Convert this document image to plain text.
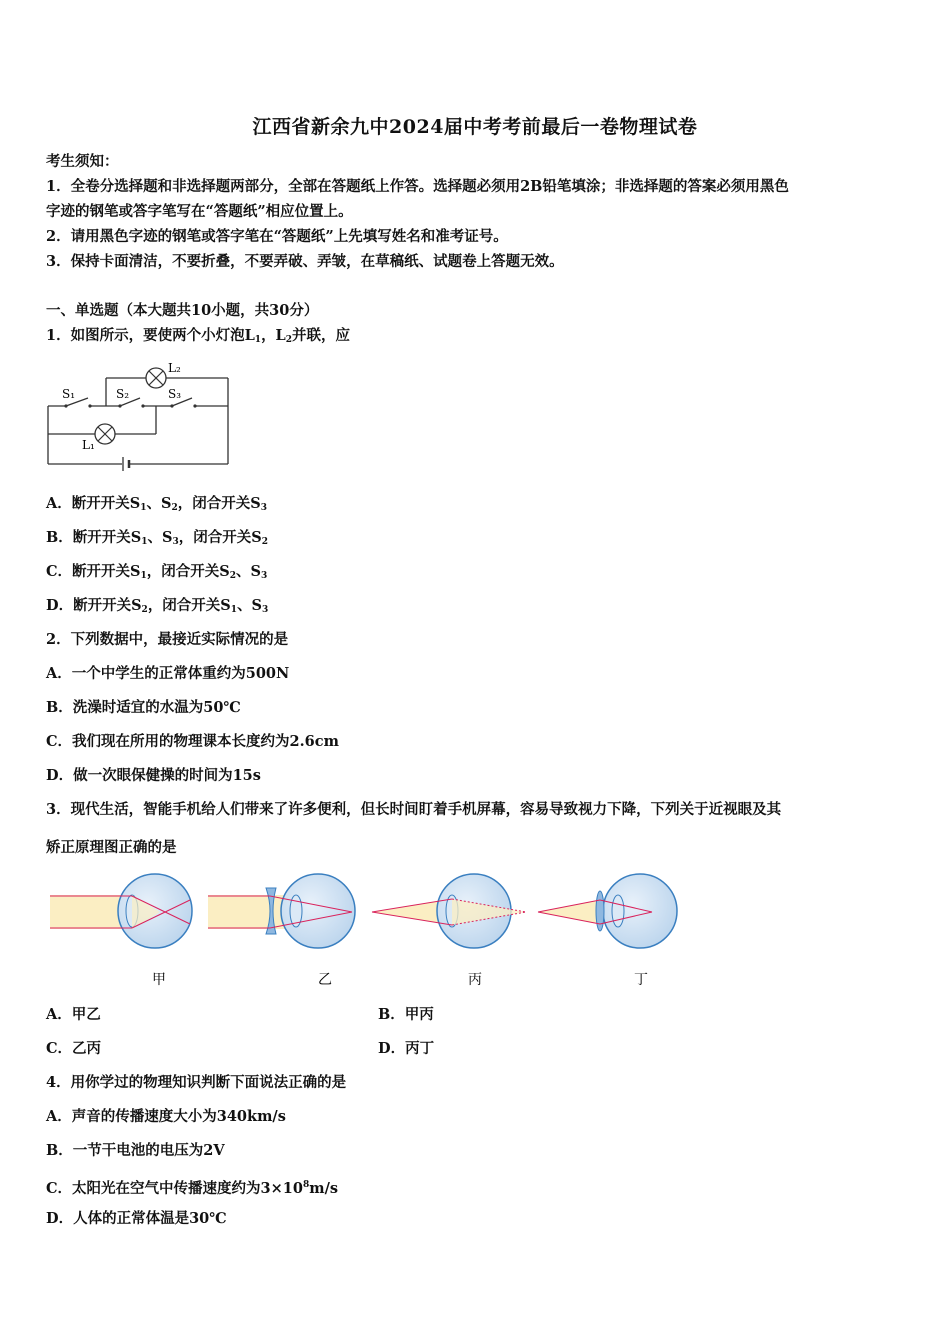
江西省新余九中2024届中考考前最后一卷物理试卷
考生须知：
1．全卷分选择题和非选择题两部分，全部在答题纸上作答。选择题必须用2B铅笔填涂；非选择题的答案必须用黑色
字迹的钢笔或答字笔写在“答题纸”相应位置上。
2．请用黑色字迹的钢笔或答字笔在“答题纸”上先填写姓名和准考证号。
3．保持卡面清洁，不要折叠，不要弄破、弄皱，在草稿纸、试题卷上答题无效。
一、单选题（本大题共10小题，共30分）
1．如图所示，要使两个小灯泡$L_1$，$L_2$并联，应
S₁	S₂	S₃
L₂
L₁
A．断开开关$S_1$、$S_2$，闭合开关$S_3$
B．断开开关$S_1$、$S_3$，闭合开关$S_2$
C．断开开关$S_1$，闭合开关$S_2$、$S_3$
D．断开开关$S_2$，闭合开关$S_1$、$S_3$
2．下列数据中，最接近实际情况的是
A．一个中学生的正常体重约为500N
B．洗澡时适宜的水温为50℃
C．我们现在所用的物理课本长度约为2.6cm
D．做一次眼保健操的时间为15s
3．现代生活，智能手机给人们带来了许多便利，但长时间盯着手机屏幕，容易导致视力下降，下列关于近视眼及其
矫正原理图正确的是
甲	乙	丙	丁
A．甲乙	B．甲丙
C．乙丙	D．丙丁
4．用你学过的物理知识判断下面说法正确的是
A．声音的传播速度大小为340km/s
B．一节干电池的电压为2V
C．太阳光在空气中传播速度约为$3\times 10^8m/s$
D．人体的正常体温是30℃
